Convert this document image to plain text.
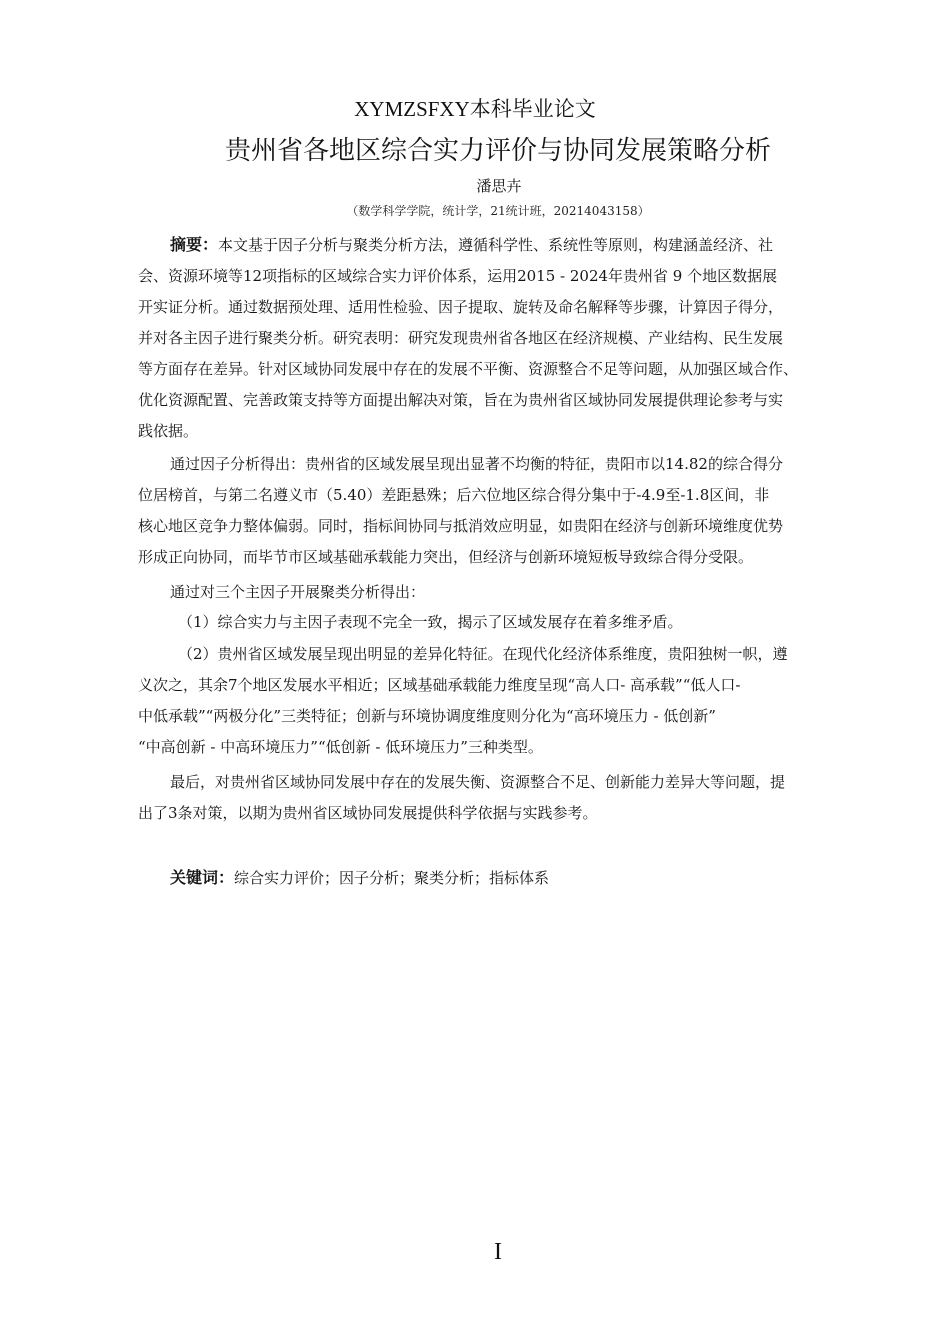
XYMZSFXY本科毕业论文
贵州省各地区综合实力评价与协同发展策略分析
潘思卉
（数学科学学院，统计学，21统计班，20214043158）
摘要：本文基于因子分析与聚类分析方法，遵循科学性、系统性等原则，构建涵盖经济、社
会、资源环境等12项指标的区域综合实力评价体系，运用2015 - 2024年贵州省 9 个地区数据展
开实证分析。通过数据预处理、适用性检验、因子提取、旋转及命名解释等步骤，计算因子得分，
并对各主因子进行聚类分析。研究表明：研究发现贵州省各地区在经济规模、产业结构、民生发展
等方面存在差异。针对区域协同发展中存在的发展不平衡、资源整合不足等问题，从加强区域合作、
优化资源配置、完善政策支持等方面提出解决对策，旨在为贵州省区域协同发展提供理论参考与实
践依据。
通过因子分析得出：贵州省的区域发展呈现出显著不均衡的特征，贵阳市以14.82的综合得分
位居榜首，与第二名遵义市（5.40）差距悬殊；后六位地区综合得分集中于-4.9至-1.8区间，非
核心地区竞争力整体偏弱。同时，指标间协同与抵消效应明显，如贵阳在经济与创新环境维度优势
形成正向协同，而毕节市区域基础承载能力突出，但经济与创新环境短板导致综合得分受限。
通过对三个主因子开展聚类分析得出：
（1）综合实力与主因子表现不完全一致，揭示了区域发展存在着多维矛盾。
（2）贵州省区域发展呈现出明显的差异化特征。在现代化经济体系维度，贵阳独树一帜，遵
义次之，其余7个地区发展水平相近；区域基础承载能力维度呈现“高人口- 高承载”“低人口-
中低承载”“两极分化”三类特征；创新与环境协调度维度则分化为“高环境压力 - 低创新”
“中高创新 - 中高环境压力”“低创新 - 低环境压力”三种类型。
最后，对贵州省区域协同发展中存在的发展失衡、资源整合不足、创新能力差异大等问题，提
出了3条对策，以期为贵州省区域协同发展提供科学依据与实践参考。
关键词：综合实力评价；因子分析；聚类分析；指标体系
I
